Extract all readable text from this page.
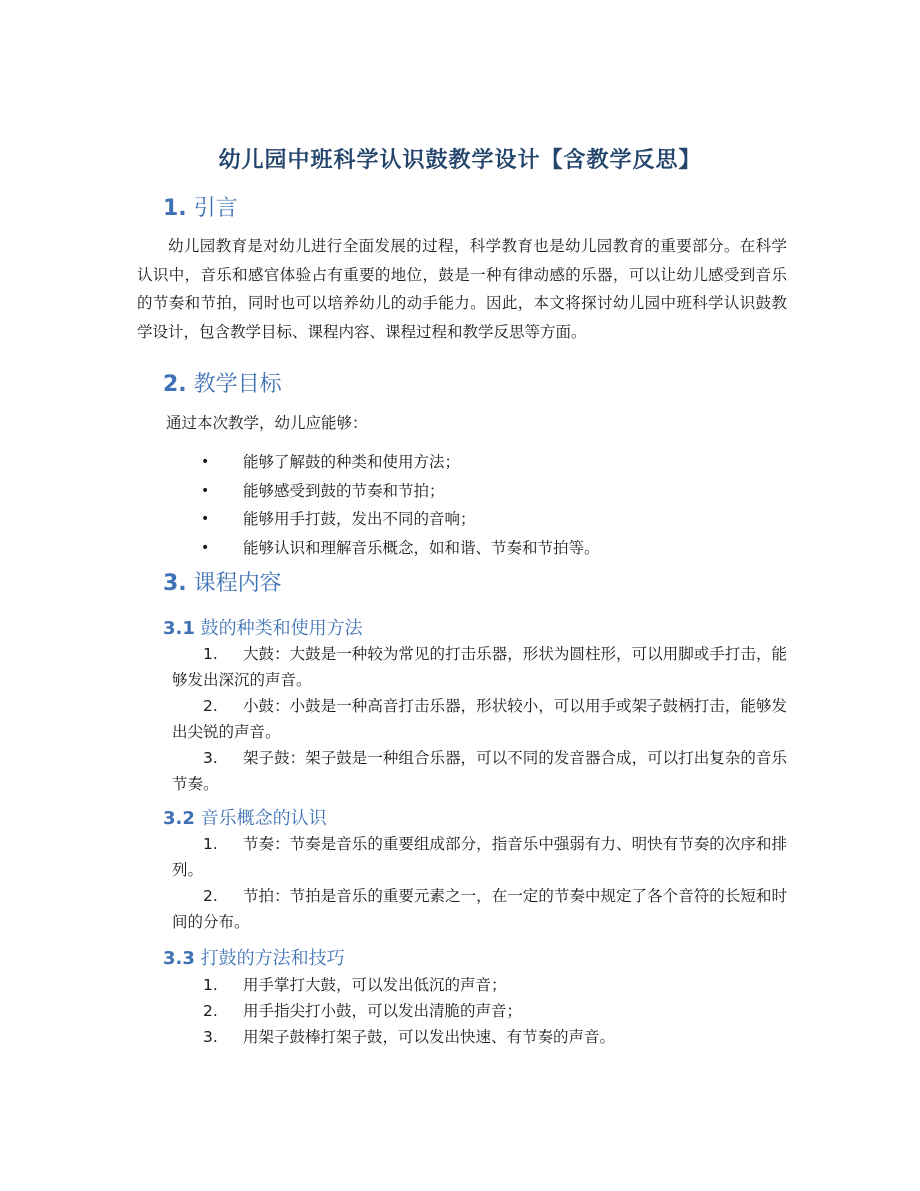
幼儿园中班科学认识鼓教学设计【含教学反思】
1. 引言
幼儿园教育是对幼儿进行全面发展的过程，科学教育也是幼儿园教育的重要部分。在科学认识中，音乐和感官体验占有重要的地位，鼓是一种有律动感的乐器，可以让幼儿感受到音乐的节奏和节拍，同时也可以培养幼儿的动手能力。因此，本文将探讨幼儿园中班科学认识鼓教学设计，包含教学目标、课程内容、课程过程和教学反思等方面。
2. 教学目标
通过本次教学，幼儿应能够：
• 能够了解鼓的种类和使用方法；
• 能够感受到鼓的节奏和节拍；
• 能够用手打鼓，发出不同的音响；
• 能够认识和理解音乐概念，如和谐、节奏和节拍等。
3. 课程内容
3.1 鼓的种类和使用方法
1.	大鼓：大鼓是一种较为常见的打击乐器，形状为圆柱形，可以用脚或手打击，能够发出深沉的声音。
2.	小鼓：小鼓是一种高音打击乐器，形状较小，可以用手或架子鼓柄打击，能够发出尖锐的声音。
3.	架子鼓：架子鼓是一种组合乐器，可以不同的发音器合成，可以打出复杂的音乐节奏。
3.2 音乐概念的认识
1.	节奏：节奏是音乐的重要组成部分，指音乐中强弱有力、明快有节奏的次序和排列。
2.	节拍：节拍是音乐的重要元素之一，在一定的节奏中规定了各个音符的长短和时间的分布。
3.3 打鼓的方法和技巧
1. 用手掌打大鼓，可以发出低沉的声音；
2. 用手指尖打小鼓，可以发出清脆的声音；
3. 用架子鼓棒打架子鼓，可以发出快速、有节奏的声音。
